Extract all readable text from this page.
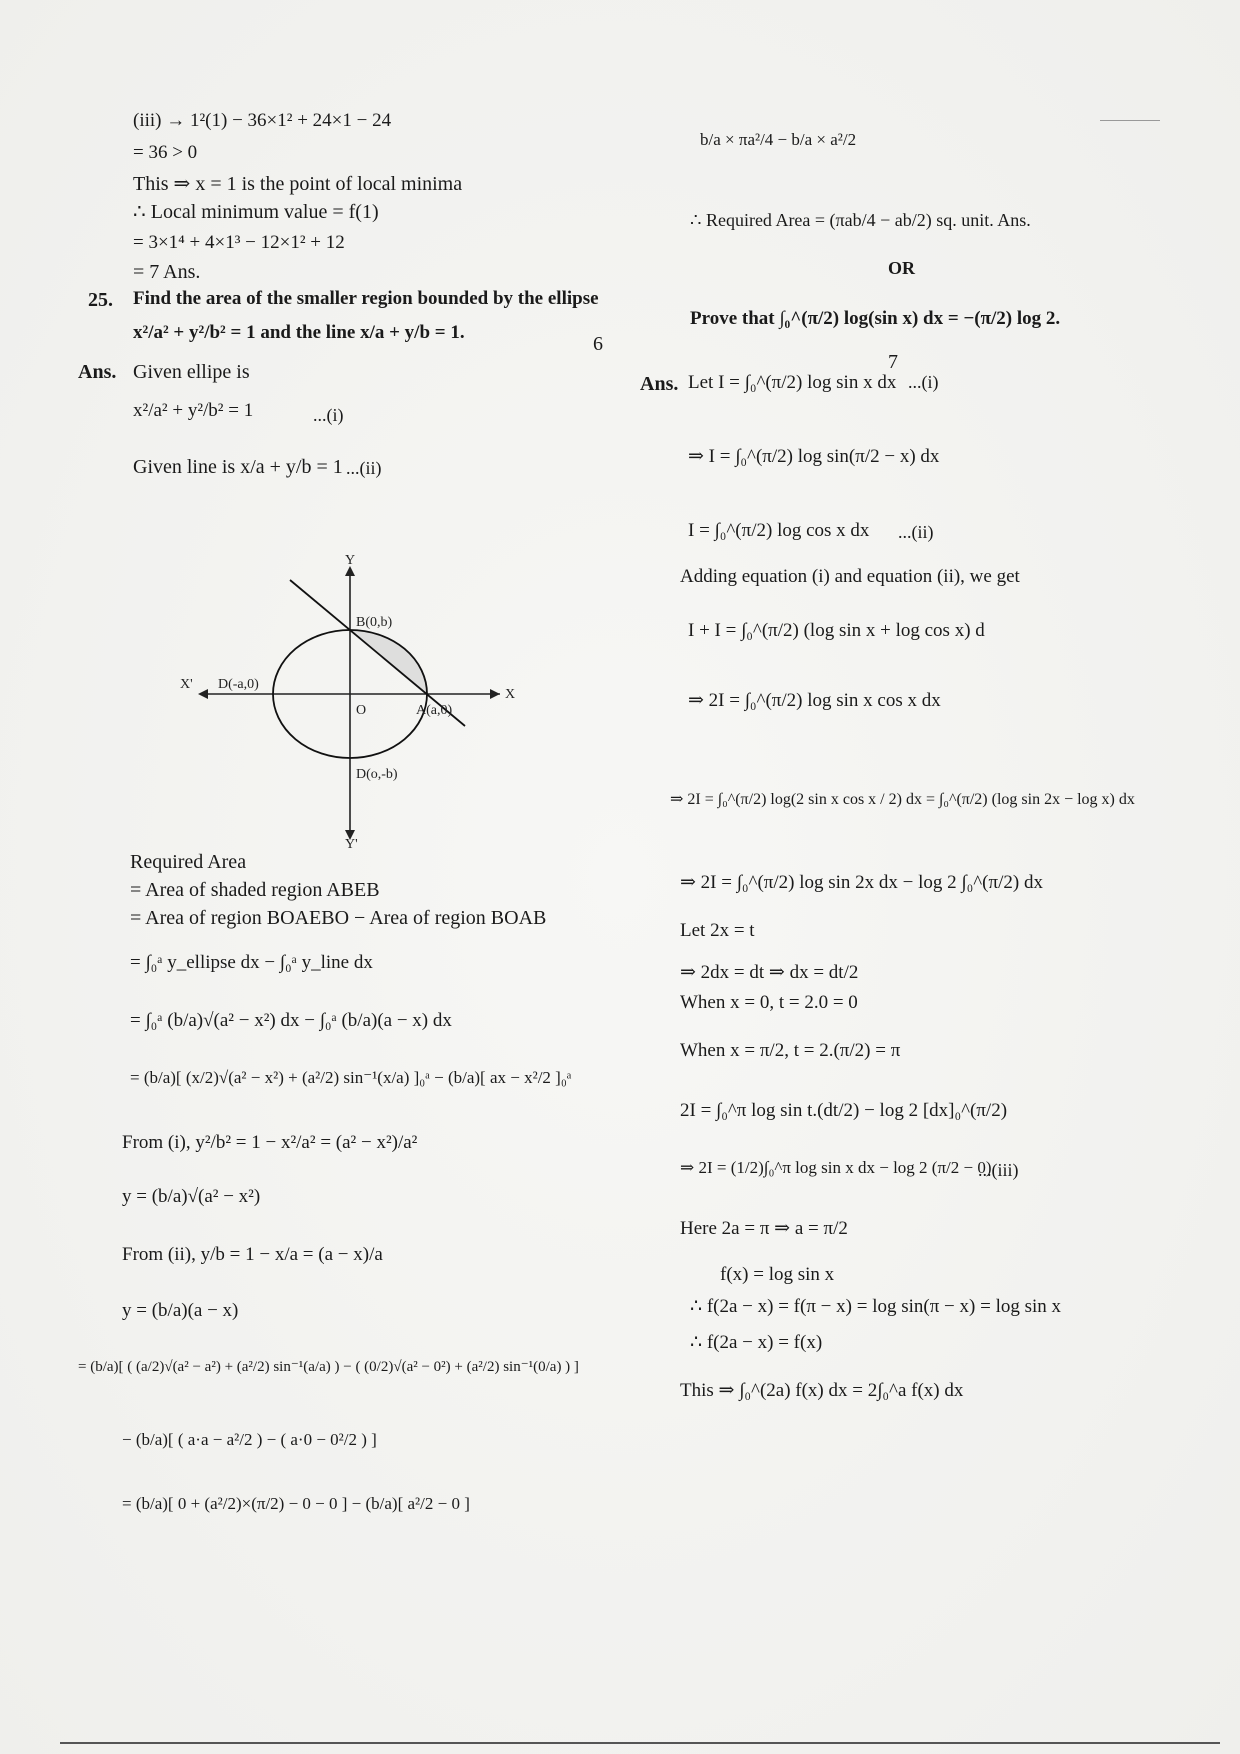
(iii) → 1²(1) − 36×1² + 24×1 − 24
= 36 > 0
This ⇒ x = 1 is the point of local minima
∴ Local minimum value = f(1)
= 3×1⁴ + 4×1³ − 12×1² + 12
= 7 Ans.
25. Find the area of the smaller region bounded by the ellipse
x²/a² + y²/b² = 1 and the line x/a + y/b = 1.
6
Ans. Given ellipe is
x²/a² + y²/b² = 1	...(i)
Given line is x/a + y/b = 1 ...(ii)
Required Area
= Area of shaded region ABEB
= Area of region BOAEBO − Area of region BOAB
= ∫₀ᵃ y_ellipse dx − ∫₀ᵃ y_line dx
= ∫₀ᵃ (b/a)√(a² − x²) dx − ∫₀ᵃ (b/a)(a − x) dx
= (b/a)[ (x/2)√(a² − x²) + (a²/2) sin⁻¹(x/a) ]₀ᵃ − (b/a)[ ax − x²/2 ]₀ᵃ
From (i), y²/b² = 1 − x²/a² = (a² − x²)/a²
y = (b/a)√(a² − x²)
From (ii), y/b = 1 − x/a = (a − x)/a
y = (b/a)(a − x)
= (b/a)[ ( (a/2)√(a² − a²) + (a²/2) sin⁻¹(a/a) ) − ( (0/2)√(a² − 0²) + (a²/2) sin⁻¹(0/a) ) ]
− (b/a)[ ( a·a − a²/2 ) − ( a·0 − 0²/2 ) ]
= (b/a)[ 0 + (a²/2)×(π/2) − 0 − 0 ] − (b/a)[ a²/2 − 0 ]
Y
Y'
X'
X
B(0,b)
D(-a,0)
O	A(a,0)
D(o,-b)
b/a × πa²/4 − b/a × a²/2
∴ Required Area = (πab/4 − ab/2) sq. unit. Ans.
OR
Prove that ∫₀^(π/2) log(sin x) dx = −(π/2) log 2.
7
Ans. Let I = ∫₀^(π/2) log sin x dx ...(i)
⇒ I = ∫₀^(π/2) log sin(π/2 − x) dx
I = ∫₀^(π/2) log cos x dx ...(ii)
Adding equation (i) and equation (ii), we get
I + I = ∫₀^(π/2) (log sin x + log cos x) d
⇒ 2I = ∫₀^(π/2) log sin x cos x dx
⇒ 2I = ∫₀^(π/2) log(2 sin x cos x / 2) dx = ∫₀^(π/2) (log sin 2x − log x) dx
⇒ 2I = ∫₀^(π/2) log sin 2x dx − log 2 ∫₀^(π/2) dx
Let 2x = t
⇒ 2dx = dt ⇒ dx = dt/2
When x = 0, t = 2.0 = 0
When x = π/2, t = 2.(π/2) = π
2I = ∫₀^π log sin t.(dt/2) − log 2 [dx]₀^(π/2)
⇒ 2I = (1/2)∫₀^π log sin x dx − log 2 (π/2 − 0)
...(iii)
Here 2a = π ⇒ a = π/2
f(x) = log sin x
∴ f(2a − x) = f(π − x) = log sin(π − x) = log sin x
∴ f(2a − x) = f(x)
This ⇒ ∫₀^(2a) f(x) dx = 2∫₀^a f(x) dx
